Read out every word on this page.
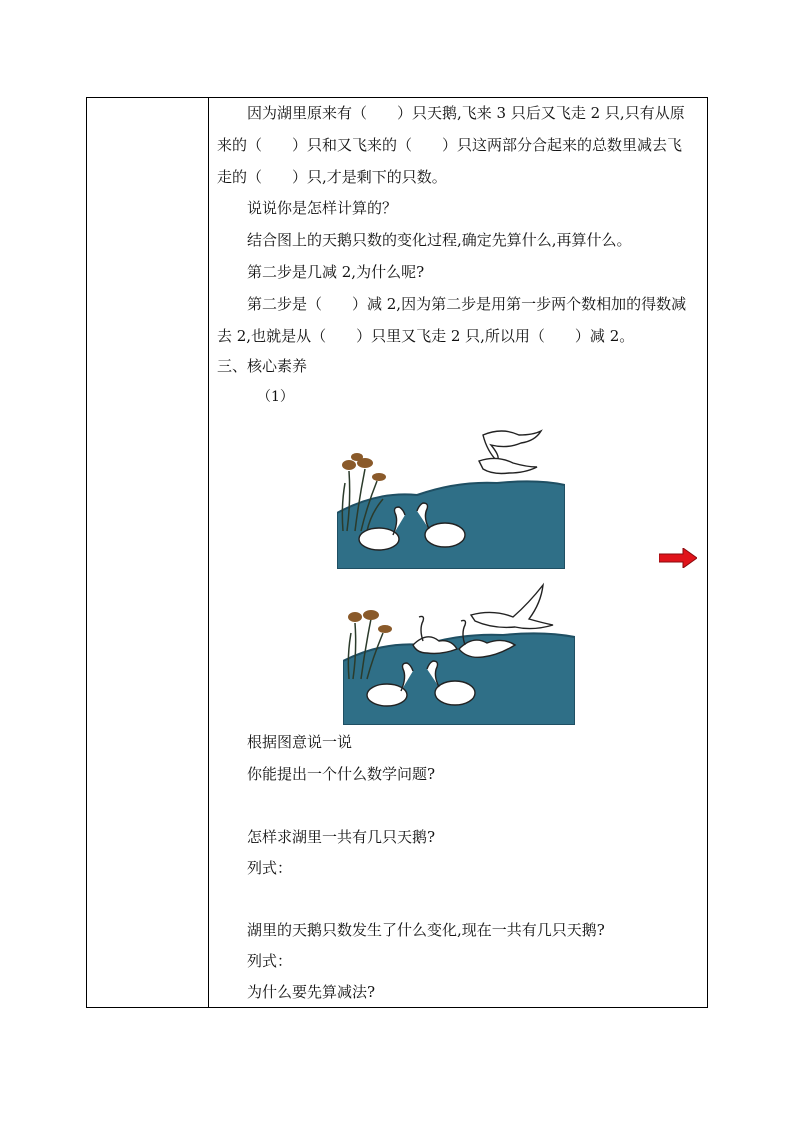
因为湖里原来有（　　）只天鹅,飞来 3 只后又飞走 2 只,只有从原
来的（　　）只和又飞来的（　　）只这两部分合起来的总数里减去飞
走的（　　）只,才是剩下的只数。
说说你是怎样计算的？
结合图上的天鹅只数的变化过程,确定先算什么,再算什么。
第二步是几减 2,为什么呢?
第二步是（　　）减 2,因为第二步是用第一步两个数相加的得数减
去 2,也就是从（　　）只里又飞走 2 只,所以用（　　）减 2。
三、核心素养
（1）
根据图意说一说
你能提出一个什么数学问题?
怎样求湖里一共有几只天鹅?
列式：
湖里的天鹅只数发生了什么变化,现在一共有几只天鹅?
列式：
为什么要先算减法?
